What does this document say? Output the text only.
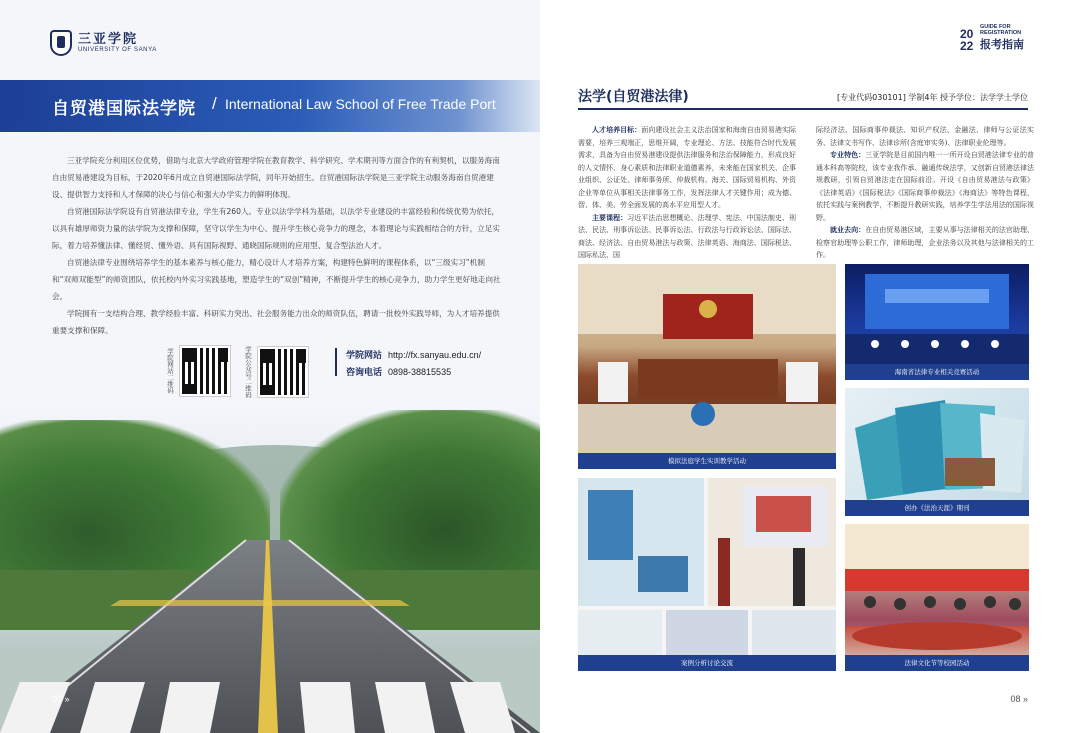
三亚学院
UNIVERSITY OF SANYA
自贸港国际法学院 / International Law School of Free Trade Port

三亚学院充分利用区位优势，借助与北京大学政府管理学院在教育教学、科学研究、学术期刊等方面合作的有利契机，以服务海南自由贸易港建设为目标，于2020年6月成立自贸港国际法学院，同年开始招生。自贸港国际法学院是三亚学院主动服务海南自贸港建设、提供智力支持和人才保障的决心与信心和强大办学实力的鲜明体现。

自贸港国际法学院设有自贸港法律专业，学生有260人。专业以法学学科为基础，以法学专业建设的丰富经验和传统优势为依托，以具有雄厚师资力量的法学院为支撑和保障，坚守以学生为中心、提升学生核心竞争力的理念，本着理论与实践相结合的方针，立足实际，着力培养懂法律、懂经贸、懂外语、具有国际视野、通晓国际规则的应用型、复合型法治人才。

自贸港法律专业围绕培养学生的基本素养与核心能力，精心设计人才培养方案，构建特色鲜明的课程体系，以“三级实习”机制和“双师双能型”的师资团队，依托校内外实习实践基地，塑造学生的“双创”精神，不断提升学生的核心竞争力，助力学生更好地走向社会。

学院拥有一支结构合理、教学经验丰富、科研实力突出、社会服务能力出众的师资队伍，聘请一批校外实践导师，为人才培养提供重要支撑和保障。

学院网站二维码	学院公众号二维码	学院网站 http://fx.sanyau.edu.cn/
咨询电话 0898-38815535
07 »
20
22
GUIDE FOR REGISTRATION
报考指南
法学(自贸港法律)	[专业代码030101] 学制4年 授予学位：法学学士学位

人才培养目标：面向建设社会主义法治国家和海南自由贸易港实际需要，培养三观端正，思维开阔，专业理论、方法、技能符合时代发展需求，具备为自由贸易港建设提供法律服务和法治保障能力，形成良好的人文情怀、身心素质和法律职业道德素养，未来能在国家机关、企事业组织、公证处、律师事务所、仲裁机构、海关、国际贸易机构、外资企业等单位从事相关法律事务工作，发挥法律人才关键作用；成为德、智、体、美、劳全面发展的高水平应用型人才。

主要课程：习近平法治思想概论、法理学、宪法、中国法制史、刑法、民法、刑事诉讼法、民事诉讼法、行政法与行政诉讼法、国际法、商法、经济法、自由贸易港法与政策、法律英语、海商法、国际税法、国际私法、国

际经济法、国际商事仲裁法、知识产权法、金融法、律师与公证法实务、法律文书写作、法律诊所(含庭审实务)、法律职业伦理等。

专业特色：三亚学院是目前国内唯一一所开设自贸港法律专业的普通本科高等院校，该专业我作承、融通传统法学，又创新自贸港法律法规教研，引领自贸港法走在国际前沿。开设《自由贸易港法与政策》《法律英语》《国际税法》《国际商事仲裁法》《海商法》等特色课程，依托实践与案例教学，不断提升教研实践，培养学生学法用法的国际视野。

就业去向：在自由贸易港区域，主要从事与法律相关的法官助理、检察官助理等公职工作，律师助理，企业法务以及其他与法律相关的工作。

模拟法庭学生实训教学活动
海南省法律专业相关竞赛活动
创办《法治天涯》期刊
案例分析讨论交流	法律文化节等校园活动
08 »
